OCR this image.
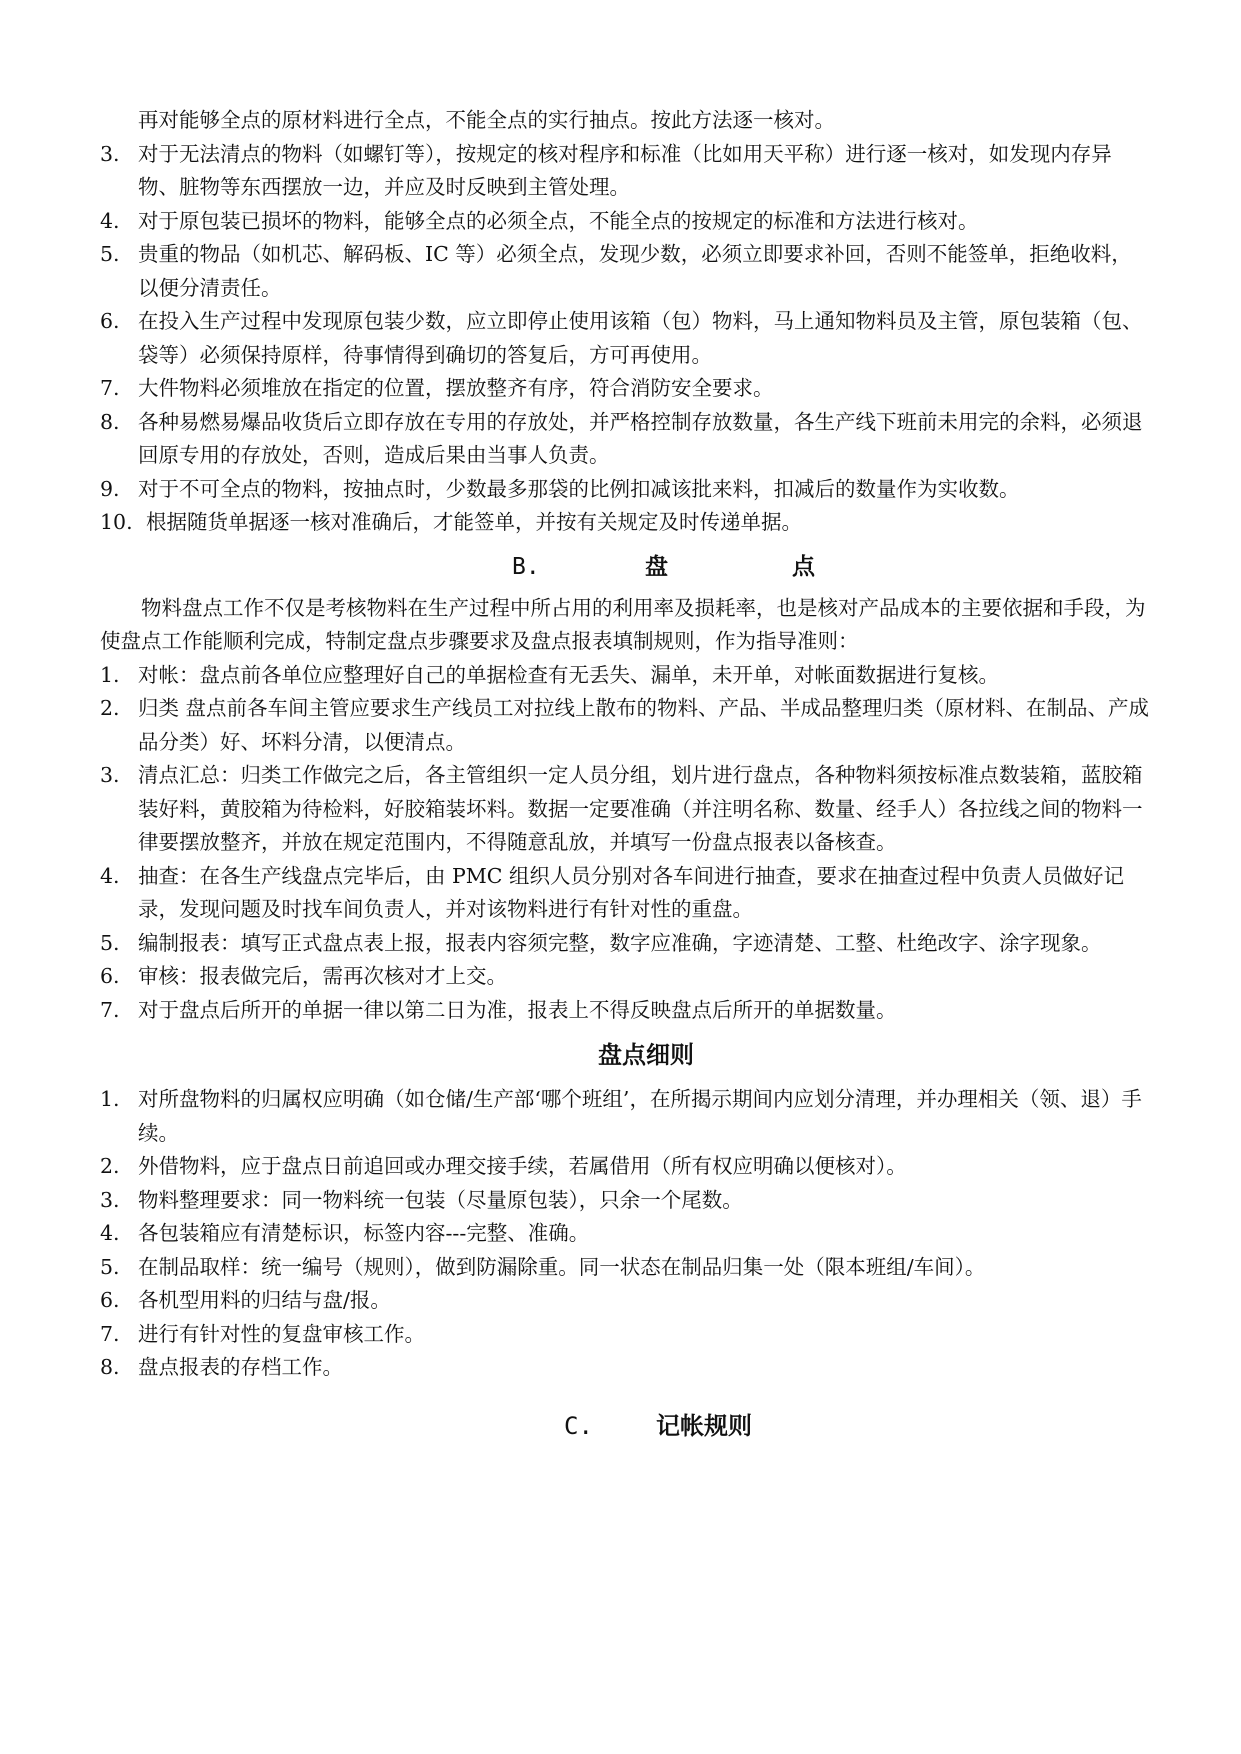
再对能够全点的原材料进行全点，不能全点的实行抽点。按此方法逐一核对。
3. 对于无法清点的物料（如螺钉等），按规定的核对程序和标准（比如用天平称）进行逐一核对，如发现内存异物、脏物等东西摆放一边，并应及时反映到主管处理。
4. 对于原包装已损坏的物料，能够全点的必须全点，不能全点的按规定的标准和方法进行核对。
5. 贵重的物品（如机芯、解码板、IC 等）必须全点，发现少数，必须立即要求补回，否则不能签单，拒绝收料，以便分清责任。
6. 在投入生产过程中发现原包装少数，应立即停止使用该箱（包）物料，马上通知物料员及主管，原包装箱（包、袋等）必须保持原样，待事情得到确切的答复后，方可再使用。
7. 大件物料必须堆放在指定的位置，摆放整齐有序，符合消防安全要求。
8. 各种易燃易爆品收货后立即存放在专用的存放处，并严格控制存放数量，各生产线下班前未用完的余料，必须退回原专用的存放处，否则，造成后果由当事人负责。
9. 对于不可全点的物料，按抽点时，少数最多那袋的比例扣减该批来料，扣减后的数量作为实收数。
10. 根据随货单据逐一核对准确后，才能签单，并按有关规定及时传递单据。
B.	盘	点
物料盘点工作不仅是考核物料在生产过程中所占用的利用率及损耗率，也是核对产品成本的主要依据和手段，为使盘点工作能顺利完成，特制定盘点步骤要求及盘点报表填制规则，作为指导准则：
1. 对帐：盘点前各单位应整理好自己的单据检查有无丢失、漏单，未开单，对帐面数据进行复核。
2. 归类 盘点前各车间主管应要求生产线员工对拉线上散布的物料、产品、半成品整理归类（原材料、在制品、产成品分类）好、坏料分清，以便清点。
3. 清点汇总：归类工作做完之后，各主管组织一定人员分组，划片进行盘点，各种物料须按标准点数装箱，蓝胶箱装好料，黄胶箱为待检料，好胶箱装坏料。数据一定要准确（并注明名称、数量、经手人）各拉线之间的物料一律要摆放整齐，并放在规定范围内，不得随意乱放，并填写一份盘点报表以备核查。
4. 抽查：在各生产线盘点完毕后，由 PMC 组织人员分别对各车间进行抽查，要求在抽查过程中负责人员做好记录，发现问题及时找车间负责人，并对该物料进行有针对性的重盘。
5. 编制报表：填写正式盘点表上报，报表内容须完整，数字应准确，字迹清楚、工整、杜绝改字、涂字现象。
6. 审核：报表做完后，需再次核对才上交。
7. 对于盘点后所开的单据一律以第二日为准，报表上不得反映盘点后所开的单据数量。
盘点细则
1. 对所盘物料的归属权应明确（如仓储/生产部‘哪个班组’，在所揭示期间内应划分清理，并办理相关（领、退）手续。
2. 外借物料，应于盘点日前追回或办理交接手续，若属借用（所有权应明确以便核对）。
3. 物料整理要求：同一物料统一包装（尽量原包装），只余一个尾数。
4. 各包装箱应有清楚标识，标签内容---完整、准确。
5. 在制品取样：统一编号（规则），做到防漏除重。同一状态在制品归集一处（限本班组/车间）。
6. 各机型用料的归结与盘/报。
7. 进行有针对性的复盘审核工作。
8. 盘点报表的存档工作。
C.	记帐规则
